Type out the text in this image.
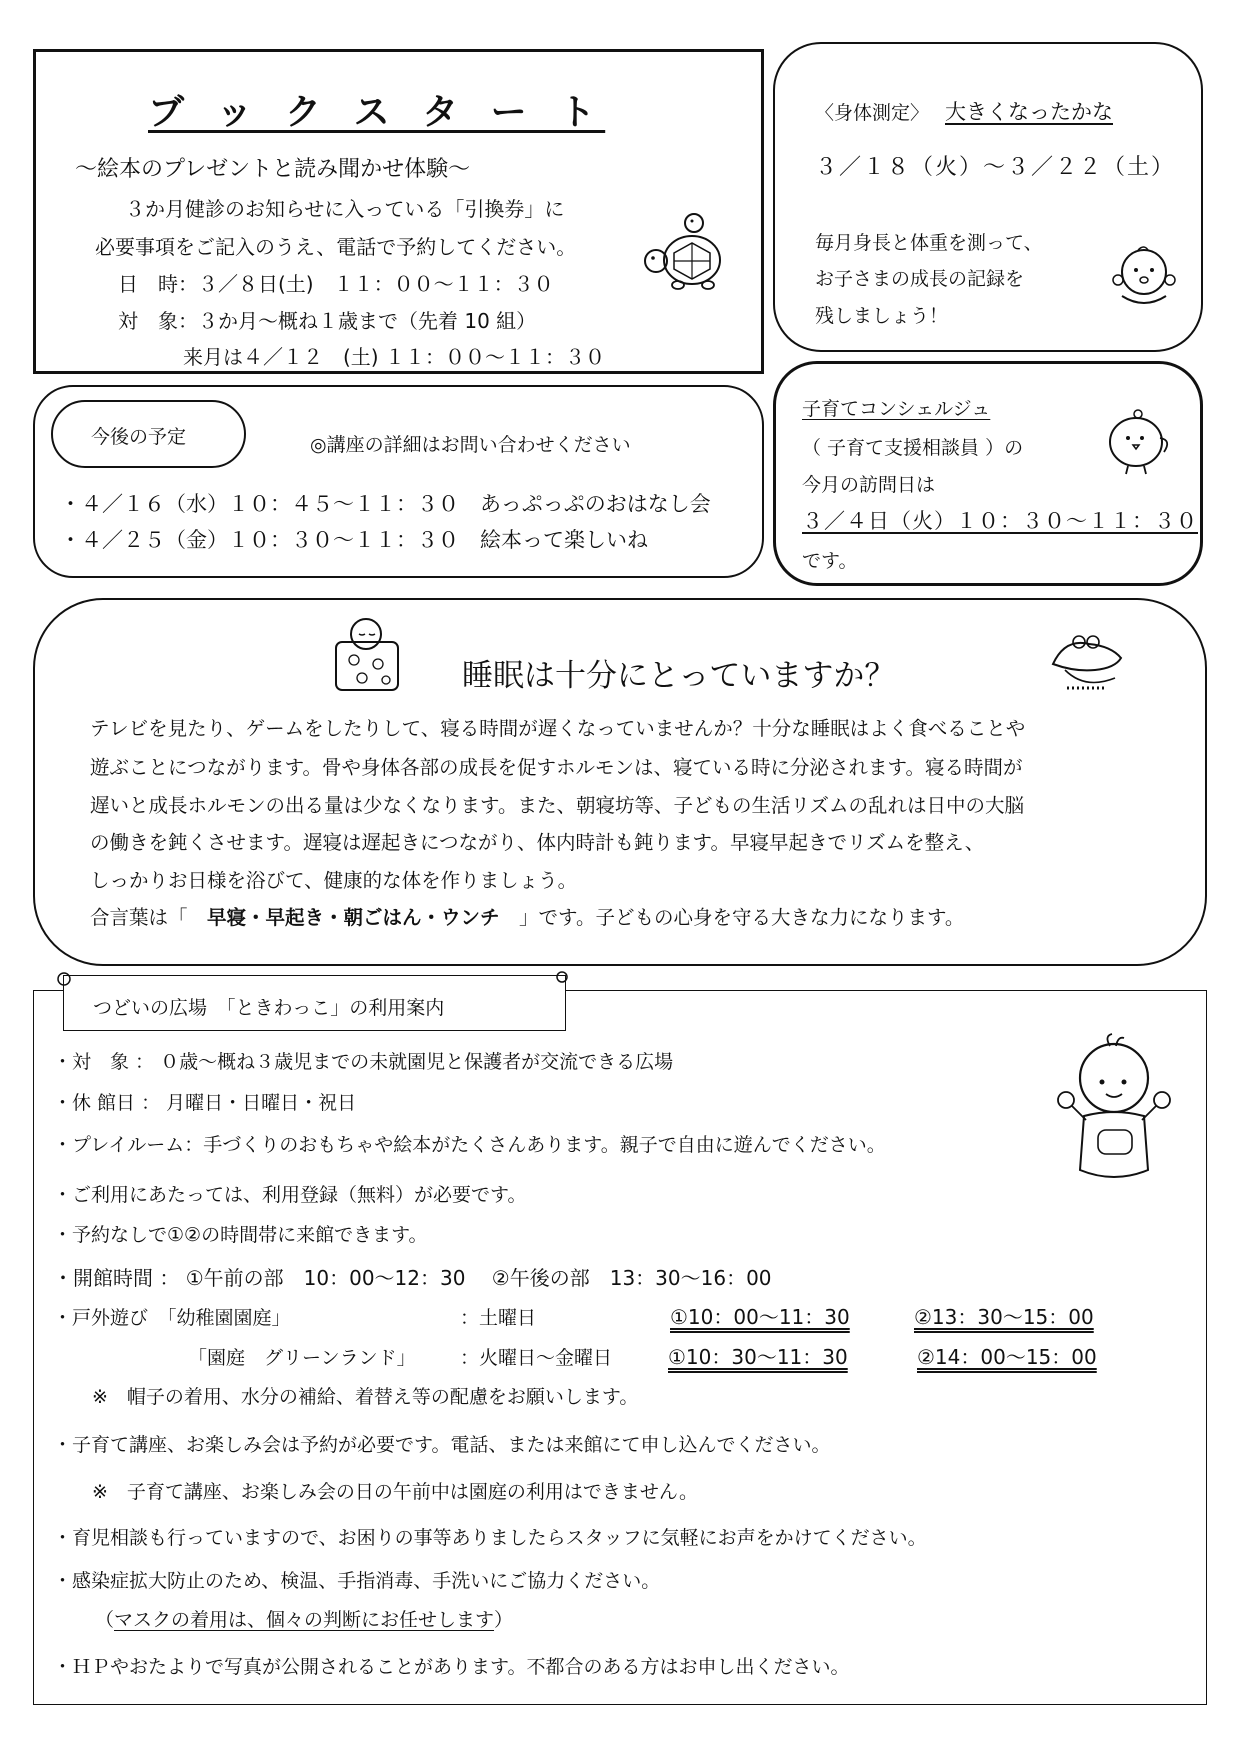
ブ ッ ク ス タ ー ト
～絵本のプレゼントと読み聞かせ体験～
３か月健診のお知らせに入っている「引換券」に
必要事項をご記入のうえ、電話で予約してください。
日　時：３／８日(土)　１１：００～１１：３０
対　象：３か月～概ね１歳まで（先着 10 組）
来月は４／１２　(土) １１：００～１１：３０
〈身体測定〉 大きくなったかな
３／１８（火）～３／２２（土）
毎月身長と体重を測って、
お子さまの成長の記録を
残しましょう！
今後の予定	◎講座の詳細はお問い合わせください
・４／１６（水）１０：４５～１１：３０　あっぷっぷのおはなし会
・４／２５（金）１０：３０～１１：３０　絵本って楽しいね
子育てコンシェルジュ
（ 子育て支援相談員 ）の
今月の訪問日は
３／４日（火）１０：３０～１１：３０
です。
睡眠は十分にとっていますか？
テレビを見たり、ゲームをしたりして、寝る時間が遅くなっていませんか？十分な睡眠はよく食べることや
遊ぶことにつながります。骨や身体各部の成長を促すホルモンは、寝ている時に分泌されます。寝る時間が
遅いと成長ホルモンの出る量は少なくなります。また、朝寝坊等、子どもの生活リズムの乱れは日中の大脳
の働きを鈍くさせます。遅寝は遅起きにつながり、体内時計も鈍ります。早寝早起きでリズムを整え、
しっかりお日様を浴びて、健康的な体を作りましょう。
合言葉は「　早寝・早起き・朝ごはん・ウンチ　」です。子どもの心身を守る大きな力になります。
つどいの広場　「ときわっこ」の利用案内
・対　象 ： ０歳～概ね３歳児までの未就園児と保護者が交流できる広場
・休 館日 ： 月曜日・日曜日・祝日
・プレイルーム：手づくりのおもちゃや絵本がたくさんあります。親子で自由に遊んでください。
・ご利用にあたっては、利用登録（無料）が必要です。
・予約なしで①②の時間帯に来館できます。
・開館時間 ： ①午前の部　10：00～12：30　 ②午後の部　13：30～16：00
・戸外遊び　「幼稚園園庭」	：土曜日	①10：00～11：30	②13：30～15：00
「園庭　グリーンランド」 ：火曜日～金曜日	①10：30～11：30	②14：00～15：00
※　帽子の着用、水分の補給、着替え等の配慮をお願いします。
・子育て講座、お楽しみ会は予約が必要です。電話、または来館にて申し込んでください。
※　子育て講座、お楽しみ会の日の午前中は園庭の利用はできません。
・育児相談も行っていますので、お困りの事等ありましたらスタッフに気軽にお声をかけてください。
・感染症拡大防止のため、検温、手指消毒、手洗いにご協力ください。
（マスクの着用は、個々の判断にお任せします）
・ＨＰやおたよりで写真が公開されることがあります。不都合のある方はお申し出ください。
